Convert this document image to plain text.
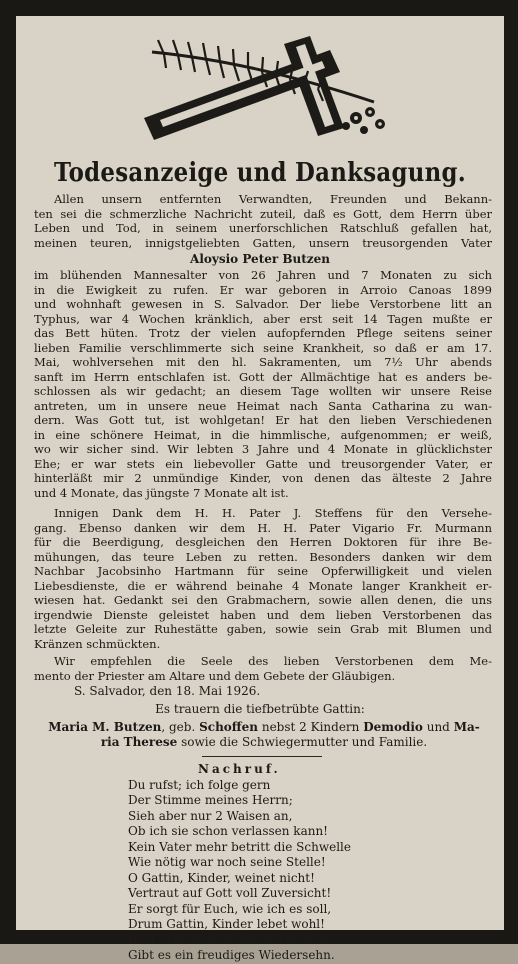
Todesanzeige und Danksagung.
Allen unsern entfernten Verwandten, Freunden und Bekann-
ten sei die schmerzliche Nachricht zuteil, daß es Gott, dem Herrn über
Leben und Tod, in seinem unerforschlichen Ratschluß gefallen hat,
meinen teuren, innigstgeliebten Gatten, unsern treusorgenden Vater
Aloysio Peter Butzen
im blühenden Mannesalter von 26 Jahren und 7 Monaten zu sich
in die Ewigkeit zu rufen. Er war geboren in Arroio Canoas 1899
und wohnhaft gewesen in S. Salvador. Der liebe Verstorbene litt an
Typhus, war 4 Wochen kränklich, aber erst seit 14 Tagen mußte er
das Bett hüten. Trotz der vielen aufopfernden Pflege seitens seiner
lieben Familie verschlimmerte sich seine Krankheit, so daß er am 17.
Mai, wohlversehen mit den hl. Sakramenten, um 7½ Uhr abends
sanft im Herrn entschlafen ist. Gott der Allmächtige hat es anders be-
schlossen als wir gedacht; an diesem Tage wollten wir unsere Reise
antreten, um in unsere neue Heimat nach Santa Catharina zu wan-
dern. Was Gott tut, ist wohlgetan! Er hat den lieben Verschiedenen
in eine schönere Heimat, in die himmlische, aufgenommen; er weiß,
wo wir sicher sind. Wir lebten 3 Jahre und 4 Monate in glücklichster
Ehe; er war stets ein liebevoller Gatte und treusorgender Vater, er
hinterläßt mir 2 unmündige Kinder, von denen das älteste 2 Jahre
und 4 Monate, das jüngste 7 Monate alt ist.
Innigen Dank dem H. H. Pater J. Steffens für den Versehe-
gang. Ebenso danken wir dem H. H. Pater Vigario Fr. Murmann
für die Beerdigung, desgleichen den Herren Doktoren für ihre Be-
mühungen, das teure Leben zu retten. Besonders danken wir dem
Nachbar Jacobsinho Hartmann für seine Opferwilligkeit und vielen
Liebesdienste, die er während beinahe 4 Monate langer Krankheit er-
wiesen hat. Gedankt sei den Grabmachern, sowie allen denen, die uns
irgendwie Dienste geleistet haben und dem lieben Verstorbenen das
letzte Geleite zur Ruhestätte gaben, sowie sein Grab mit Blumen und
Kränzen schmückten.
Wir empfehlen die Seele des lieben Verstorbenen dem Me-
mento der Priester am Altare und dem Gebete der Gläubigen.
S. Salvador, den 18. Mai 1926.
Es trauern die tiefbetrübte Gattin:
Maria M. Butzen, geb. Schoffen nebst 2 Kindern Demodio und Ma-
ria Therese sowie die Schwiegermutter und Familie.
Nachruf.
Du rufst; ich folge gern
Der Stimme meines Herrn;
Sieh aber nur 2 Waisen an,
Ob ich sie schon verlassen kann!
Kein Vater mehr betritt die Schwelle
Wie nötig war noch seine Stelle!
O Gattin, Kinder, weinet nicht!
Vertraut auf Gott voll Zuversicht!
Er sorgt für Euch, wie ich es soll,
Drum Gattin, Kinder lebet wohl!
Dort oben in den Himmelshöhen
Gibt es ein freudiges Wiedersehn.
